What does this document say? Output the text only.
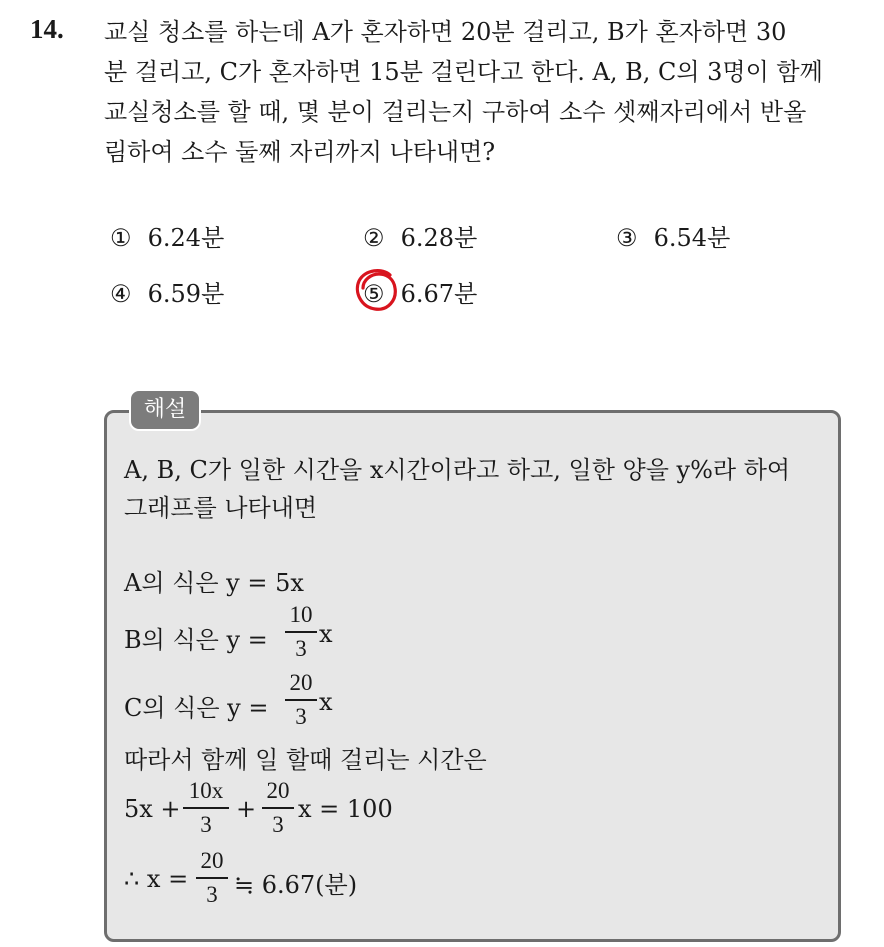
14. 교실 청소를 하는데 A가 혼자하면 20분 걸리고, B가 혼자하면 30
분 걸리고, C가 혼자하면 15분 걸린다고 한다. A, B, C의 3명이 함께
교실청소를 할 때, 몇 분이 걸리는지 구하여 소수 셋째자리에서 반올
림하여 소수 둘째 자리까지 나타내면?
① 6.24분	② 6.28분	③ 6.54분
④ 6.59분	⑤ 6.67분
해설
A, B, C가 일한 시간을 x시간이라고 하고, 일한 양을 y%라 하여
그래프를 나타내면
A의 식은 y = 5x
B의 식은 y =
10
3
x
C의 식은 y =
20
3
x
따라서 함께 일 할때 걸리는 시간은
5x +
10x
3
+
20
3
x = 100
∴ x =
20
3 ≒ 6.67(분)
